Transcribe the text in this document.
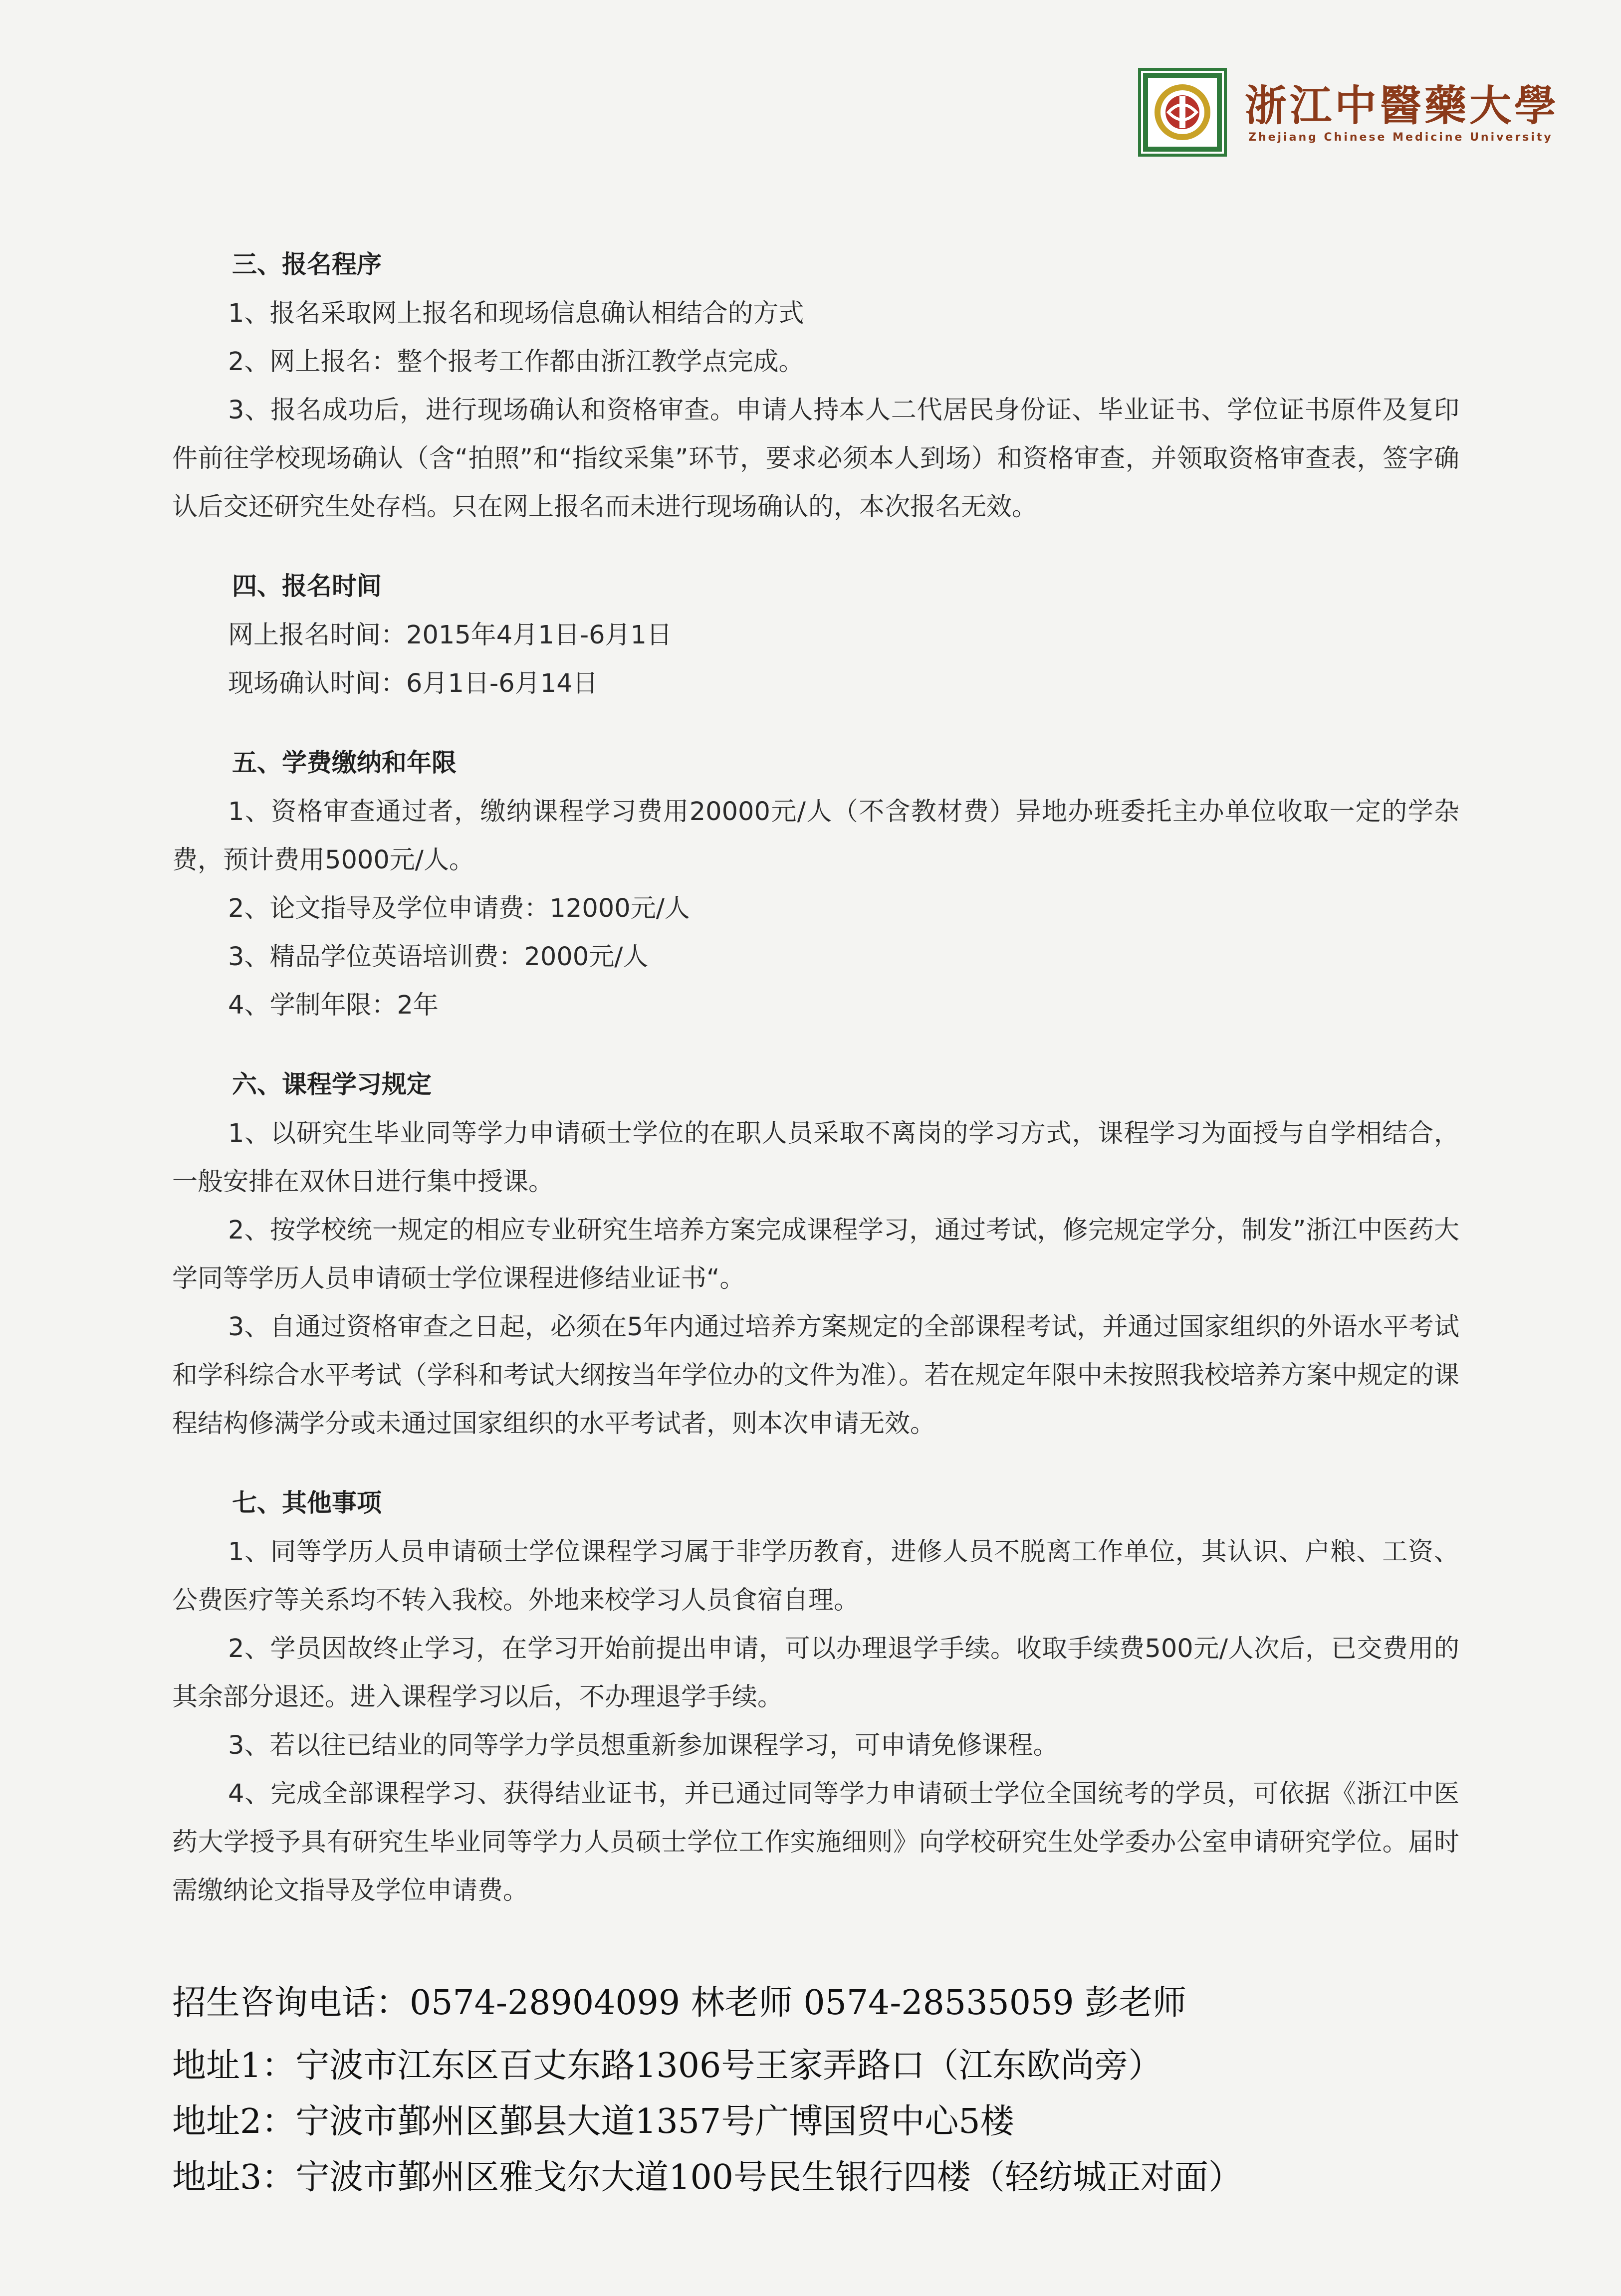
浙江中醫藥大學
Zhejiang Chinese Medicine University
三、报名程序
1、报名采取网上报名和现场信息确认相结合的方式
2、网上报名：整个报考工作都由浙江教学点完成。
3、报名成功后，进行现场确认和资格审查。申请人持本人二代居民身份证、毕业证书、学位证书原件及复印件前往学校现场确认（含“拍照”和“指纹采集”环节，要求必须本人到场）和资格审查，并领取资格审查表，签字确认后交还研究生处存档。只在网上报名而未进行现场确认的，本次报名无效。
四、报名时间
网上报名时间：2015年4月1日-6月1日
现场确认时间：6月1日-6月14日
五、学费缴纳和年限
1、资格审查通过者，缴纳课程学习费用20000元/人（不含教材费）异地办班委托主办单位收取一定的学杂费，预计费用5000元/人。
2、论文指导及学位申请费：12000元/人
3、精品学位英语培训费：2000元/人
4、学制年限：2年
六、课程学习规定
1、以研究生毕业同等学力申请硕士学位的在职人员采取不离岗的学习方式，课程学习为面授与自学相结合，一般安排在双休日进行集中授课。
2、按学校统一规定的相应专业研究生培养方案完成课程学习，通过考试，修完规定学分，制发”浙江中医药大学同等学历人员申请硕士学位课程进修结业证书“。
3、自通过资格审查之日起，必须在5年内通过培养方案规定的全部课程考试，并通过国家组织的外语水平考试和学科综合水平考试（学科和考试大纲按当年学位办的文件为准）。若在规定年限中未按照我校培养方案中规定的课程结构修满学分或未通过国家组织的水平考试者，则本次申请无效。
七、其他事项
1、同等学历人员申请硕士学位课程学习属于非学历教育，进修人员不脱离工作单位，其认识、户粮、工资、公费医疗等关系均不转入我校。外地来校学习人员食宿自理。
2、学员因故终止学习，在学习开始前提出申请，可以办理退学手续。收取手续费500元/人次后，已交费用的其余部分退还。进入课程学习以后，不办理退学手续。
3、若以往已结业的同等学力学员想重新参加课程学习，可申请免修课程。
4、完成全部课程学习、获得结业证书，并已通过同等学力申请硕士学位全国统考的学员，可依据《浙江中医药大学授予具有研究生毕业同等学力人员硕士学位工作实施细则》向学校研究生处学委办公室申请研究学位。届时需缴纳论文指导及学位申请费。
招生咨询电话：0574-28904099 林老师 0574-28535059 彭老师
地址1：宁波市江东区百丈东路1306号王家弄路口（江东欧尚旁）
地址2：宁波市鄞州区鄞县大道1357号广博国贸中心5楼
地址3：宁波市鄞州区雅戈尔大道100号民生银行四楼（轻纺城正对面）
